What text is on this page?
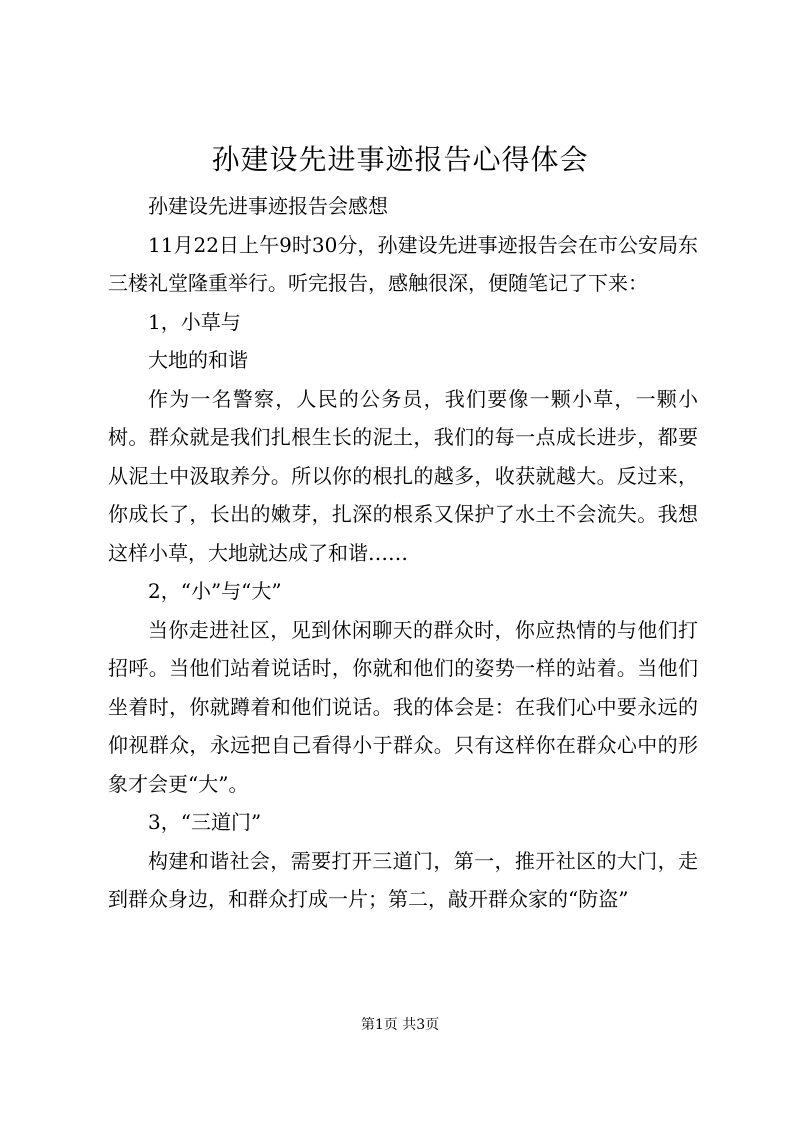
孙建设先进事迹报告心得体会

孙建设先进事迹报告会感想

11月22日上午9时30分，孙建设先进事迹报告会在市公安局东三楼礼堂隆重举行。听完报告，感触很深，便随笔记了下来：

1，小草与

大地的和谐

作为一名警察，人民的公务员，我们要像一颗小草，一颗小树。群众就是我们扎根生长的泥土，我们的每一点成长进步，都要从泥土中汲取养分。所以你的根扎的越多，收获就越大。反过来，你成长了，长出的嫩芽，扎深的根系又保护了水土不会流失。我想这样小草，大地就达成了和谐……

2，“小”与“大”

当你走进社区，见到休闲聊天的群众时，你应热情的与他们打招呼。当他们站着说话时，你就和他们的姿势一样的站着。当他们坐着时，你就蹲着和他们说话。我的体会是：在我们心中要永远的仰视群众，永远把自己看得小于群众。只有这样你在群众心中的形象才会更“大”。

3，“三道门”

构建和谐社会，需要打开三道门，第一，推开社区的大门，走到群众身边，和群众打成一片；第二，敲开群众家的“防盗”

第1页 共3页
